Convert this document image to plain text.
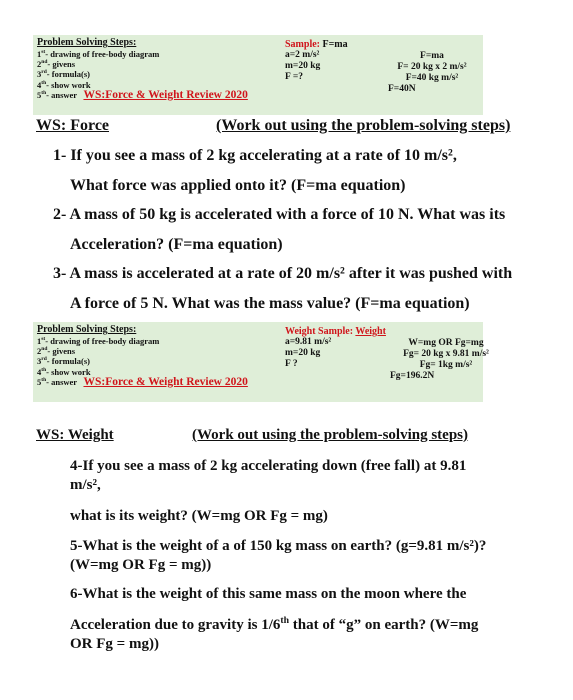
Problem Solving Steps:
1st- drawing of free-body diagram
2nd- givens
3rd- formula(s)
4th- show work
5th- answer WS:Force & Weight Review 2020
Sample: F=ma
a=2 m/s²
m=20 kg
F =?
F=ma
F= 20 kg x 2 m/s²
F=40 kg m/s²
F=40N
WS: Force	(Work out using the problem-solving steps)
1- If you see a mass of 2 kg accelerating at a rate of 10 m/s²,
What force was applied onto it? (F=ma equation)
2- A mass of 50 kg is accelerated with a force of 10 N. What was its
Acceleration? (F=ma equation)
3- A mass is accelerated at a rate of 20 m/s² after it was pushed with
A force of 5 N. What was the mass value? (F=ma equation)
Problem Solving Steps:
1st- drawing of free-body diagram
2nd- givens
3rd- formula(s)
4th- show work
5th- answer WS:Force & Weight Review 2020
Weight Sample: Weight
a=9.81 m/s²
m=20 kg
F ?
W=mg OR Fg=mg
Fg= 20 kg x 9.81 m/s²
Fg= 1kg m/s²
Fg=196.2N
WS: Weight	(Work out using the problem-solving steps)
4-If you see a mass of 2 kg accelerating down (free fall) at 9.81
m/s²,
what is its weight? (W=mg OR Fg = mg)
5-What is the weight of a of 150 kg mass on earth? (g=9.81 m/s²)?
(W=mg OR Fg = mg))
6-What is the weight of this same mass on the moon where the
Acceleration due to gravity is 1/6th that of “g” on earth? (W=mg
OR Fg = mg))
